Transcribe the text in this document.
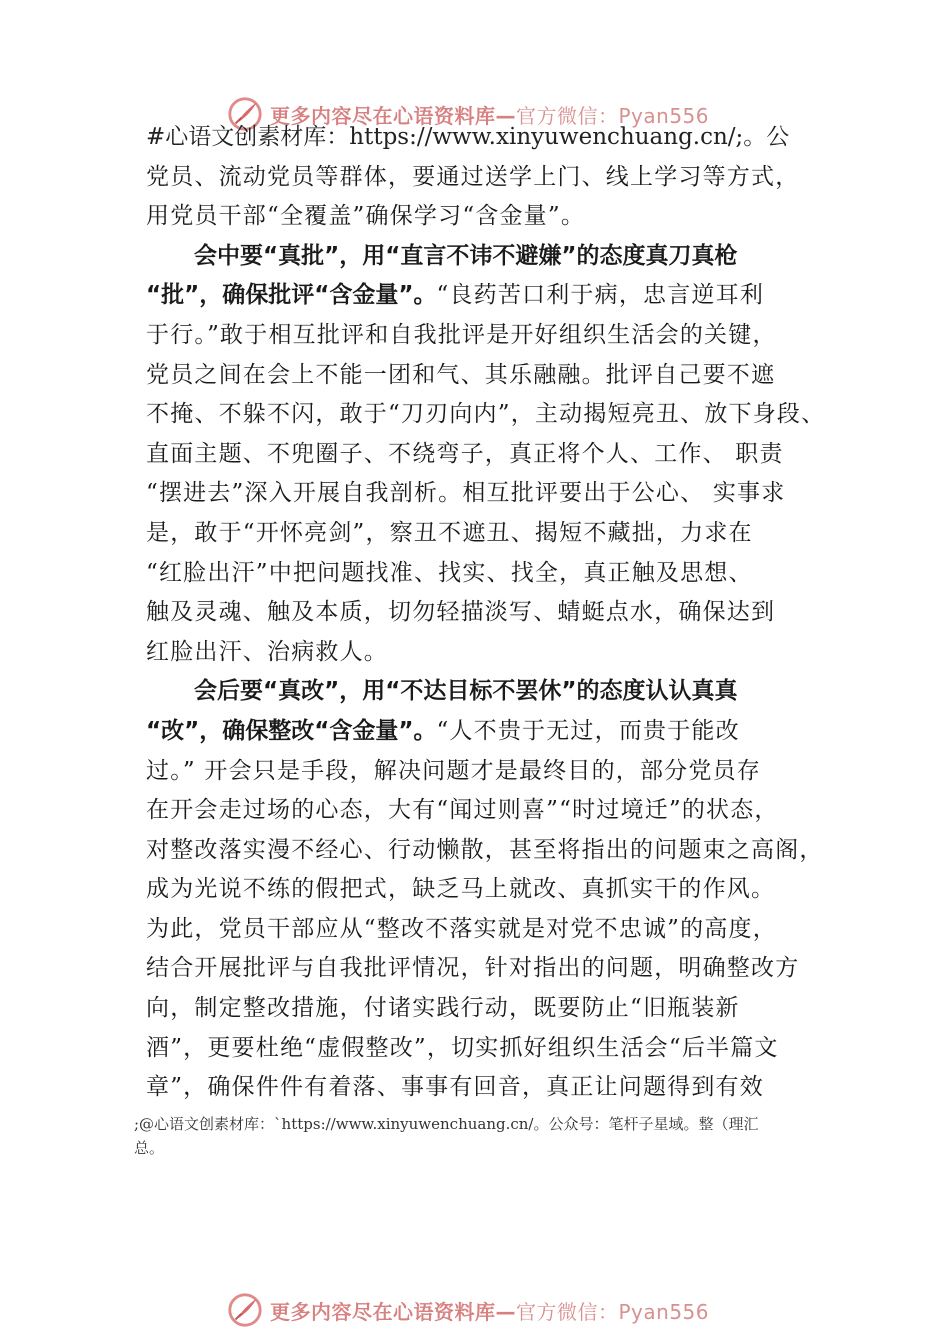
更多内容尽在心语资料库—官方微信：Pyan556
#心语文创素材库：https://www.xinyuwenchuang.cn/;。公
党员、流动党员等群体，要通过送学上门、线上学习等方式，
用党员干部“全覆盖”确保学习“含金量”。
会中要“真批”，用“直言不讳不避嫌”的态度真刀真枪
“批”，确保批评“含金量”。“良药苦口利于病，忠言逆耳利
于行。”敢于相互批评和自我批评是开好组织生活会的关键，
党员之间在会上不能一团和气、其乐融融。批评自己要不遮
不掩、不躲不闪，敢于“刀刃向内”，主动揭短亮丑、放下身段、
直面主题、不兜圈子、不绕弯子，真正将个人、工作、 职责
“摆进去”深入开展自我剖析。相互批评要出于公心、 实事求
是，敢于“开怀亮剑”，察丑不遮丑、揭短不藏拙，力求在
“红脸出汗”中把问题找准、找实、找全，真正触及思想、
触及灵魂、触及本质，切勿轻描淡写、蜻蜓点水，确保达到
红脸出汗、治病救人。
会后要“真改”，用“不达目标不罢休”的态度认认真真
“改”，确保整改“含金量”。“人不贵于无过，而贵于能改
过。” 开会只是手段，解决问题才是最终目的，部分党员存
在开会走过场的心态，大有“闻过则喜”“时过境迁”的状态，
对整改落实漫不经心、行动懒散，甚至将指出的问题束之高阁，
成为光说不练的假把式，缺乏马上就改、真抓实干的作风。
为此，党员干部应从“整改不落实就是对党不忠诚”的高度，
结合开展批评与自我批评情况，针对指出的问题，明确整改方
向，制定整改措施，付诸实践行动，既要防止“旧瓶装新
酒”，更要杜绝“虚假整改”，切实抓好组织生活会“后半篇文
章”，确保件件有着落、事事有回音，真正让问题得到有效
;@心语文创素材库：`https://www.xinyuwenchuang.cn/。公众号：笔杆子星域。整（理汇
总。
更多内容尽在心语资料库—官方微信：Pyan556
